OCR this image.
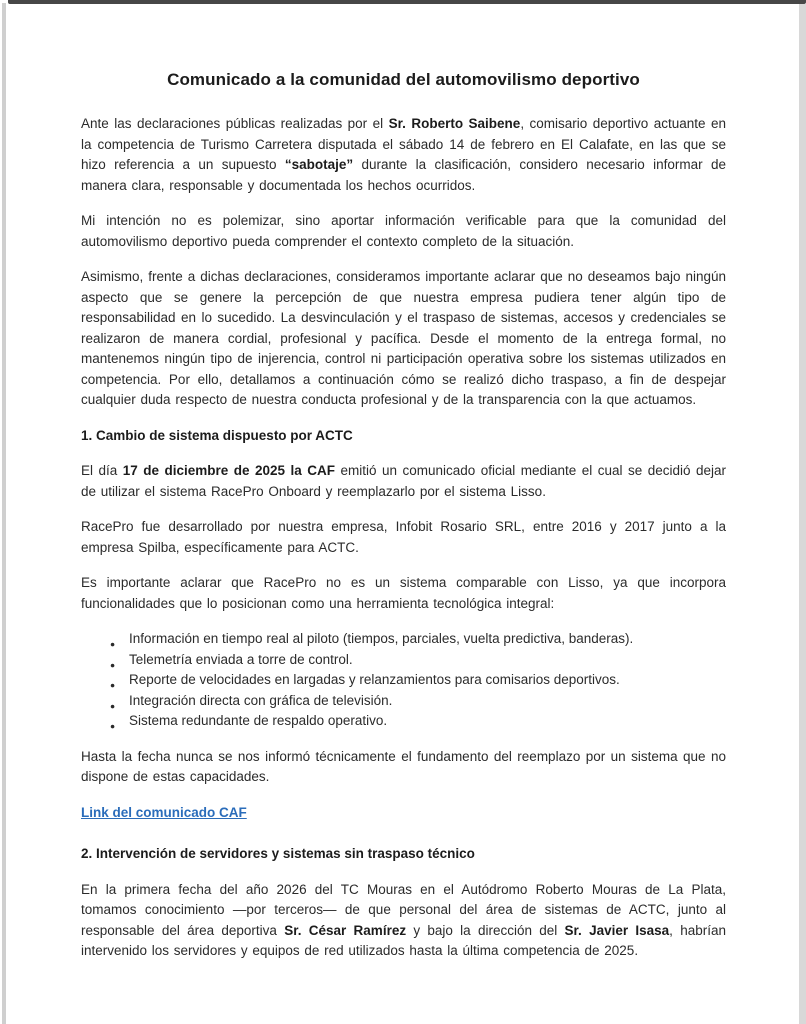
Comunicado a la comunidad del automovilismo deportivo

Ante las declaraciones públicas realizadas por el Sr. Roberto Saibene, comisario deportivo actuante en la competencia de Turismo Carretera disputada el sábado 14 de febrero en El Calafate, en las que se hizo referencia a un supuesto “sabotaje” durante la clasificación, considero necesario informar de manera clara, responsable y documentada los hechos ocurridos.

Mi intención no es polemizar, sino aportar información verificable para que la comunidad del automovilismo deportivo pueda comprender el contexto completo de la situación.

Asimismo, frente a dichas declaraciones, consideramos importante aclarar que no deseamos bajo ningún aspecto que se genere la percepción de que nuestra empresa pudiera tener algún tipo de responsabilidad en lo sucedido. La desvinculación y el traspaso de sistemas, accesos y credenciales se realizaron de manera cordial, profesional y pacífica. Desde el momento de la entrega formal, no mantenemos ningún tipo de injerencia, control ni participación operativa sobre los sistemas utilizados en competencia. Por ello, detallamos a continuación cómo se realizó dicho traspaso, a fin de despejar cualquier duda respecto de nuestra conducta profesional y de la transparencia con la que actuamos.

1. Cambio de sistema dispuesto por ACTC

El día 17 de diciembre de 2025 la CAF emitió un comunicado oficial mediante el cual se decidió dejar de utilizar el sistema RacePro Onboard y reemplazarlo por el sistema Lisso.

RacePro fue desarrollado por nuestra empresa, Infobit Rosario SRL, entre 2016 y 2017 junto a la empresa Spilba, específicamente para ACTC.

Es importante aclarar que RacePro no es un sistema comparable con Lisso, ya que incorpora funcionalidades que lo posicionan como una herramienta tecnológica integral:

● Información en tiempo real al piloto (tiempos, parciales, vuelta predictiva, banderas).
● Telemetría enviada a torre de control.
● Reporte de velocidades en largadas y relanzamientos para comisarios deportivos.
● Integración directa con gráfica de televisión.
● Sistema redundante de respaldo operativo.

Hasta la fecha nunca se nos informó técnicamente el fundamento del reemplazo por un sistema que no dispone de estas capacidades.

Link del comunicado CAF
2. Intervención de servidores y sistemas sin traspaso técnico

En la primera fecha del año 2026 del TC Mouras en el Autódromo Roberto Mouras de La Plata, tomamos conocimiento —por terceros— de que personal del área de sistemas de ACTC, junto al responsable del área deportiva Sr. César Ramírez y bajo la dirección del Sr. Javier Isasa, habrían intervenido los servidores y equipos de red utilizados hasta la última competencia de 2025.
